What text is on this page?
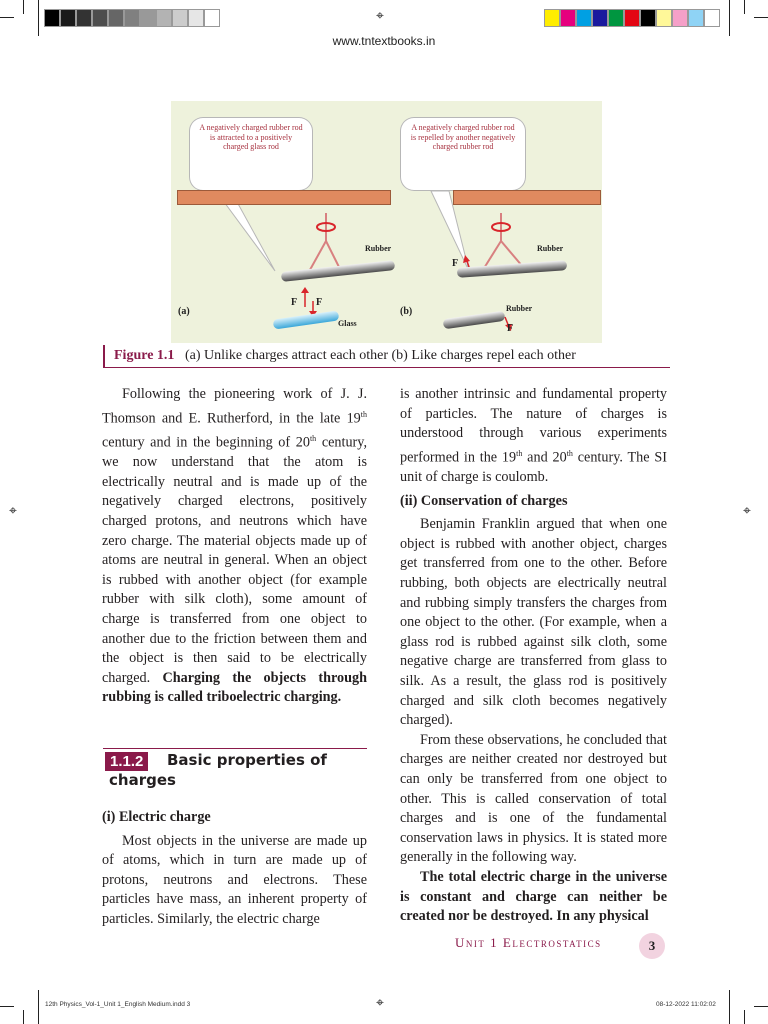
⌖
⌖	⌖
⌖
www.tntextbooks.in
A negatively charged rubber rod is attracted to a positively charged glass rod
A negatively charged rubber rod is repelled by another negatively charged rubber rod
(a)	(b)
Rubber	Rubber
Rubber
Glass
F F
F
F
Figure 1.1 (a) Unlike charges attract each other (b) Like charges repel each other

Following the pioneering work of J. J. Thomson and E. Rutherford, in the late 19th century and in the beginning of 20th century, we now understand that the atom is electrically neutral and is made up of the negatively charged electrons, positively charged protons, and neutrons which have zero charge. The material objects made up of atoms are neutral in general. When an object is rubbed with another object (for example rubber with silk cloth), some amount of charge is transferred from one object to another due to the friction between them and the object is then said to be electrically charged. Charging the objects through rubbing is called triboelectric charging.

1.1.2	Basic properties of
charges

(i) Electric charge

Most objects in the universe are made up of atoms, which in turn are made up of protons, neutrons and electrons. These particles have mass, an inherent property of particles. Similarly, the electric charge

is another intrinsic and fundamental property of particles. The nature of charges is understood through various experiments performed in the 19th and 20th century. The SI unit of charge is coulomb.

(ii) Conservation of charges

Benjamin Franklin argued that when one object is rubbed with another object, charges get transferred from one to the other. Before rubbing, both objects are electrically neutral and rubbing simply transfers the charges from one object to the other. (For example, when a glass rod is rubbed against silk cloth, some negative charge are transferred from glass to silk. As a result, the glass rod is positively charged and silk cloth becomes negatively charged).

From these observations, he concluded that charges are neither created nor destroyed but can only be transferred from one object to other. This is called conservation of total charges and is one of the fundamental conservation laws in physics. It is stated more generally in the following way.

The total electric charge in the universe is constant and charge can neither be created nor be destroyed. In any physical

Unit 1 Electrostatics	3
12th Physics_Vol-1_Unit 1_English Medium.indd 3	08-12-2022 11:02:02
